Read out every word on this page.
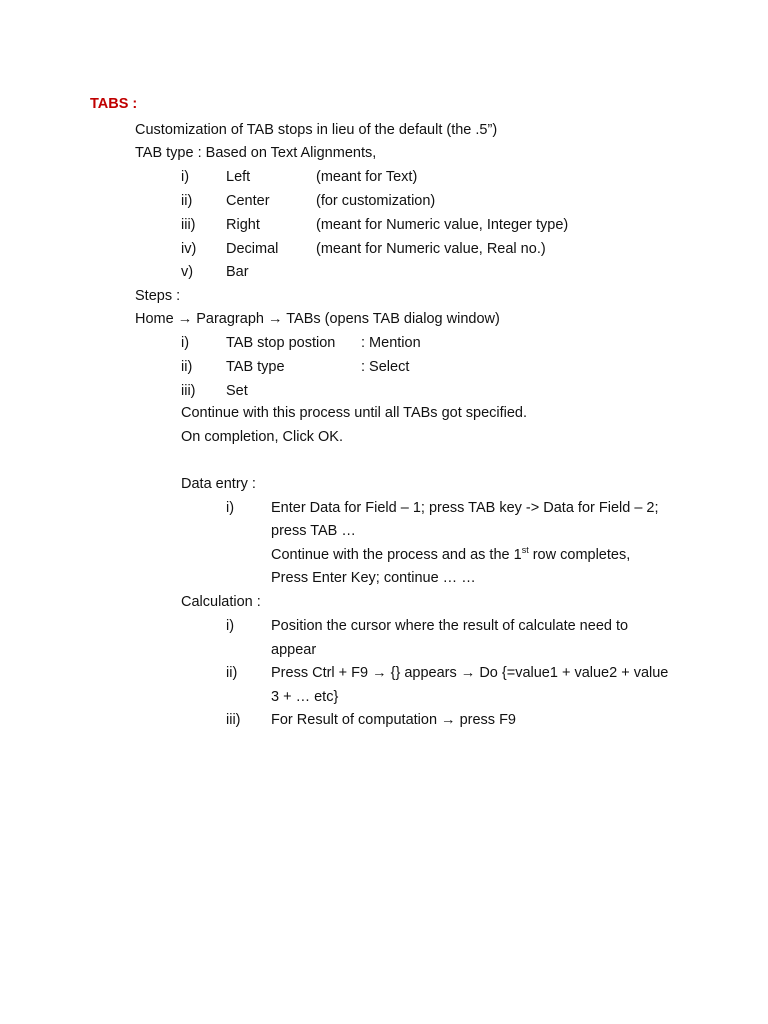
TABS :
Customization of TAB stops in lieu of the default (the .5”)
TAB type : Based on Text Alignments,
i)	Left	(meant for Text)
ii) Center	(for customization)
iii) Right	(meant for Numeric value, Integer type)
iv) Decimal	(meant for Numeric value, Real no.)
v) Bar
Steps :
Home → Paragraph → TABs (opens TAB dialog window)
i)	TAB stop postion : Mention
ii) TAB type	: Select
iii) Set
Continue with this process until all TABs got specified.
On completion, Click OK.
Data entry :
i)	Enter Data for Field – 1; press TAB key -> Data for Field – 2;
press TAB …
Continue with the process and as the 1st row completes,
Press Enter Key; continue … …
Calculation :
i)	Position the cursor where the result of calculate need to
appear
ii) Press Ctrl + F9 → {} appears → Do {=value1 + value2 + value
3 + … etc}
iii) For Result of computation → press F9
